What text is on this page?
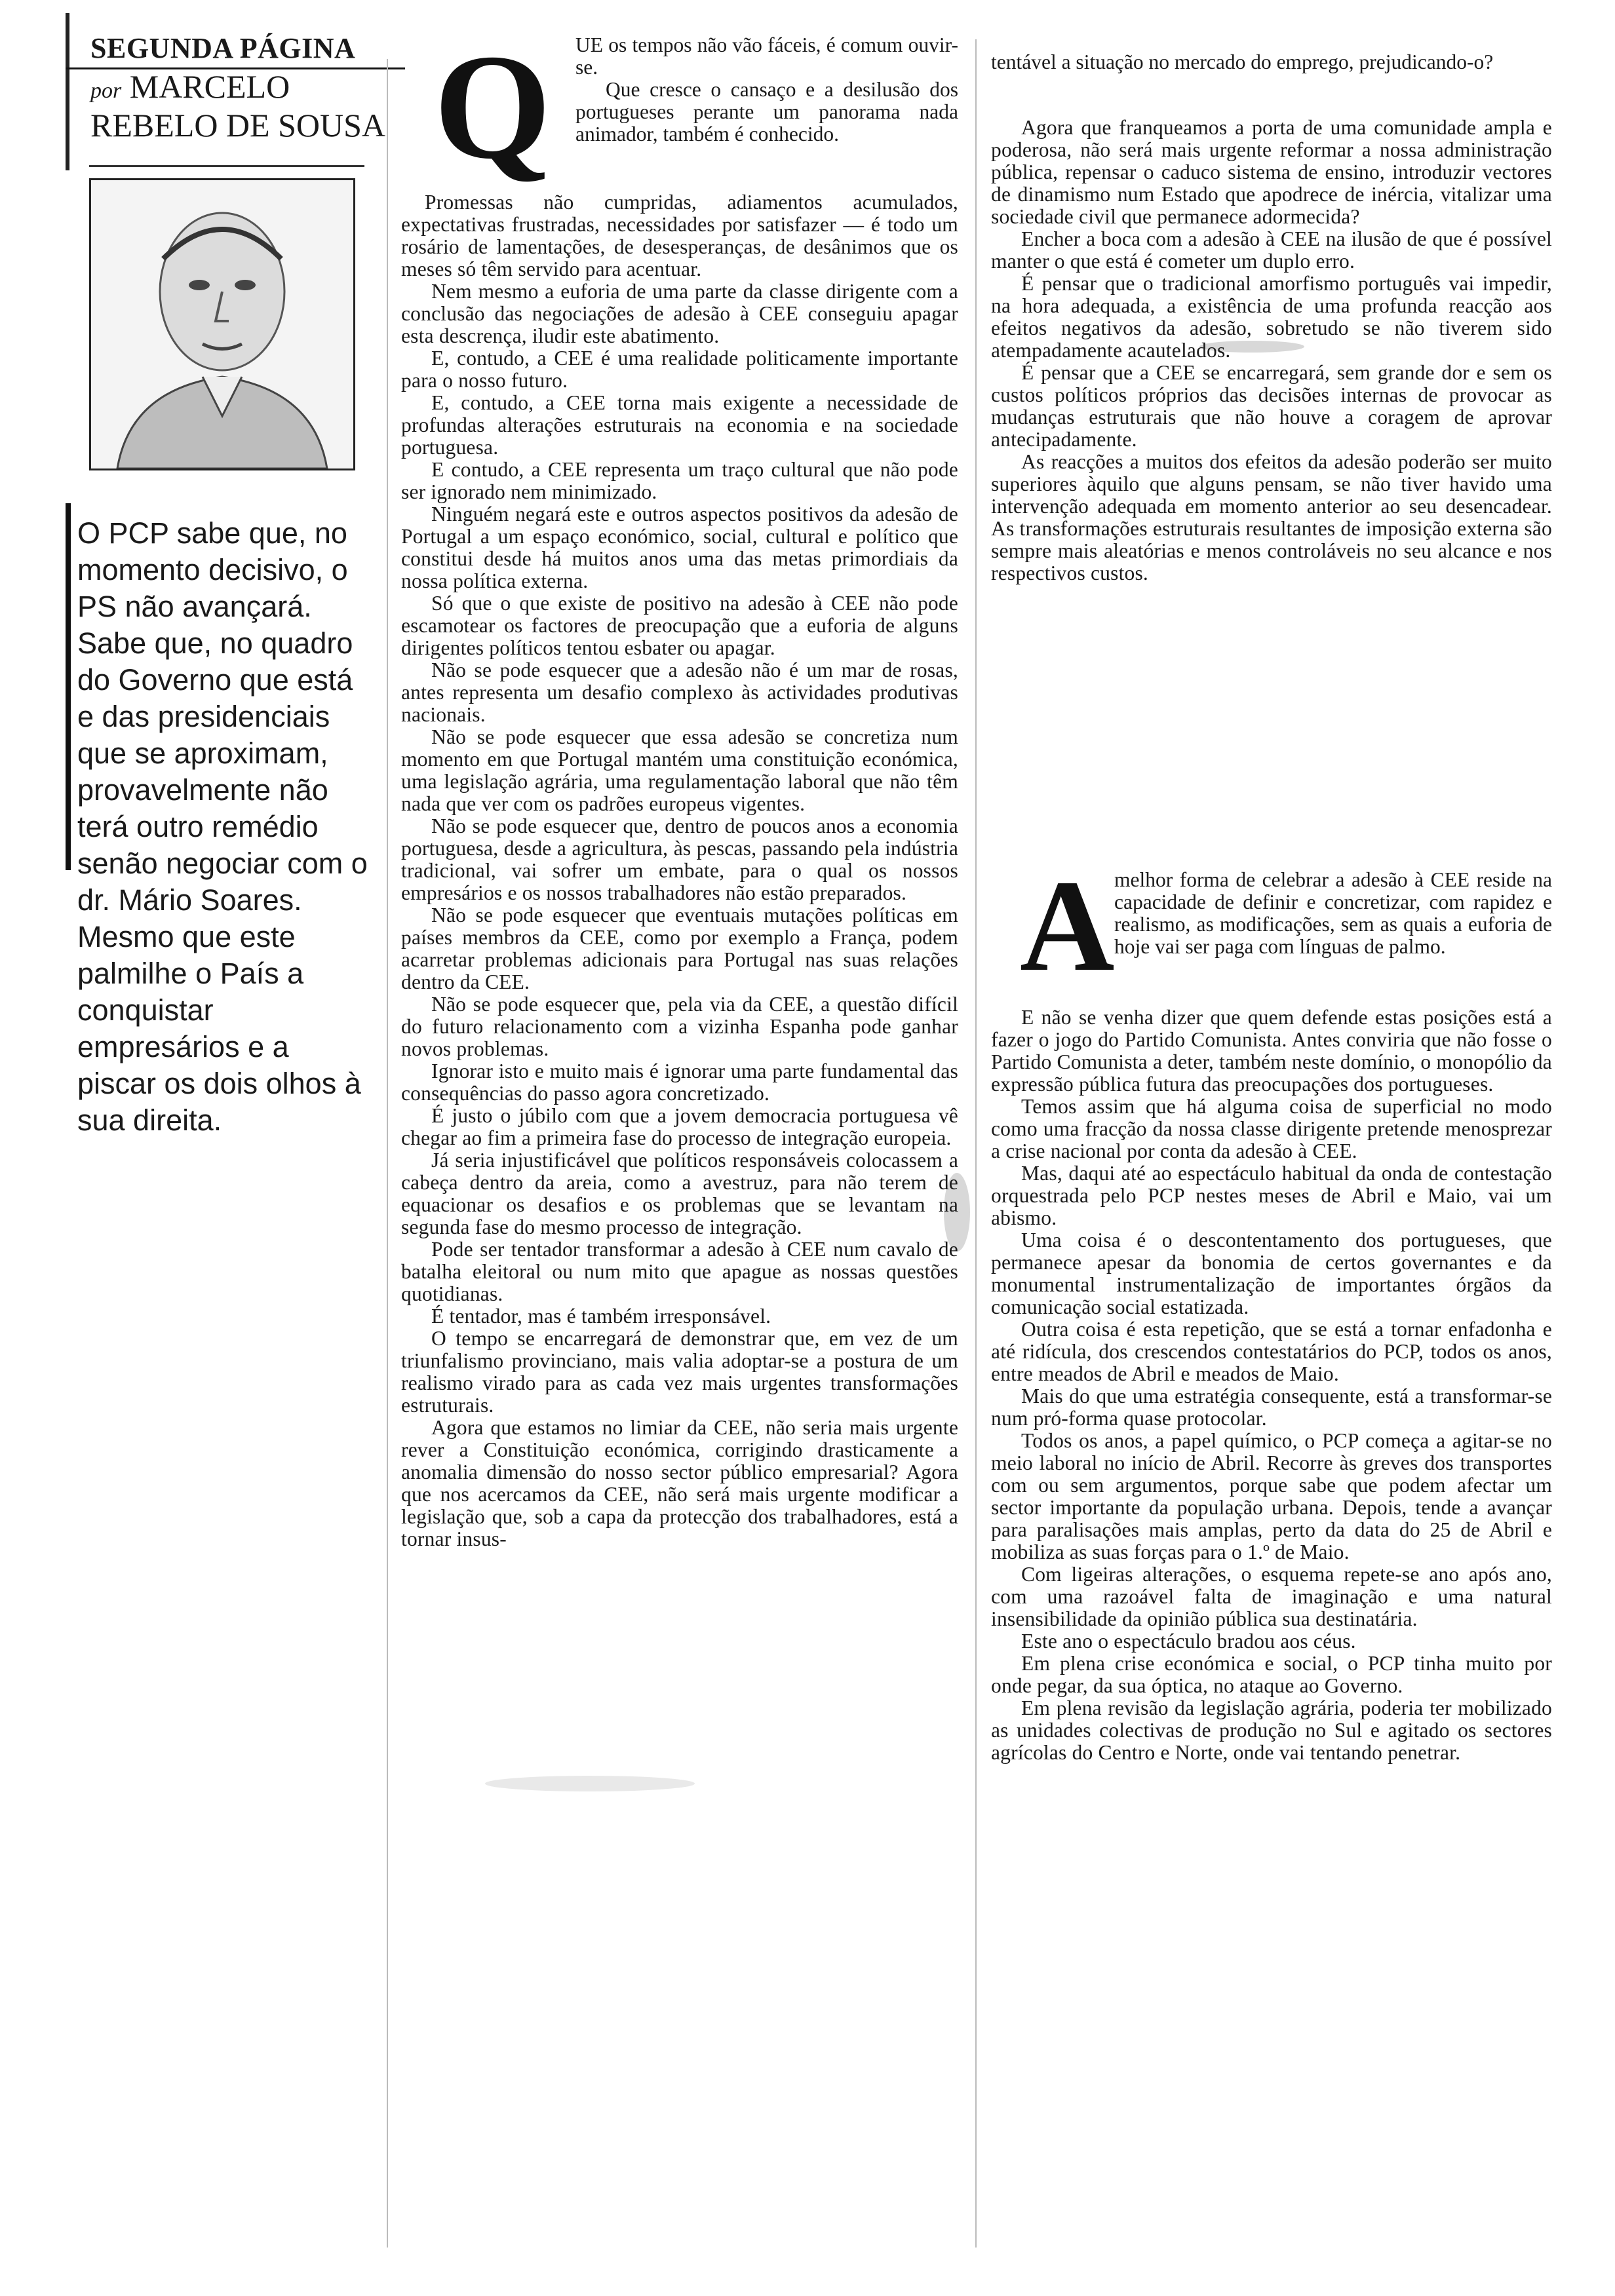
SEGUNDA PÁGINA
por MARCELO
REBELO DE SOUSA
O PCP sabe que, no momento decisivo, o PS não avançará. Sabe que, no quadro do Governo que está e das presidenciais que se aproximam, provavelmente não terá outro remédio senão negociar com o dr. Mário Soares. Mesmo que este palmilhe o País a conquistar empresários e a piscar os dois olhos à sua direita.
Q UE os tempos não vão fáceis, é comum ouvir-se.

Que cresce o cansaço e a desilusão dos portugueses perante um panorama nada animador, também é conhecido.

Promessas não cumpridas, adiamentos acumulados, expectativas frustradas, necessidades por satisfazer — é todo um rosário de lamentações, de desesperanças, de desânimos que os meses só têm servido para acentuar.

Nem mesmo a euforia de uma parte da classe dirigente com a conclusão das negociações de adesão à CEE conseguiu apagar esta descrença, iludir este abatimento.

E, contudo, a CEE é uma realidade politicamente importante para o nosso futuro.

E, contudo, a CEE torna mais exigente a necessidade de profundas alterações estruturais na economia e na sociedade portuguesa.

E contudo, a CEE representa um traço cultural que não pode ser ignorado nem minimizado.

Ninguém negará este e outros aspectos positivos da adesão de Portugal a um espaço económico, social, cultural e político que constitui desde há muitos anos uma das metas primordiais da nossa política externa.

Só que o que existe de positivo na adesão à CEE não pode escamotear os factores de preocupação que a euforia de alguns dirigentes políticos tentou esbater ou apagar.

Não se pode esquecer que a adesão não é um mar de rosas, antes representa um desafio complexo às actividades produtivas nacionais.

Não se pode esquecer que essa adesão se concretiza num momento em que Portugal mantém uma constituição económica, uma legislação agrária, uma regulamentação laboral que não têm nada que ver com os padrões europeus vigentes.

Não se pode esquecer que, dentro de poucos anos a economia portuguesa, desde a agricultura, às pescas, passando pela indústria tradicional, vai sofrer um embate, para o qual os nossos empresários e os nossos trabalhadores não estão preparados.

Não se pode esquecer que eventuais mutações políticas em países membros da CEE, como por exemplo a França, podem acarretar problemas adicionais para Portugal nas suas relações dentro da CEE.

Não se pode esquecer que, pela via da CEE, a questão difícil do futuro relacionamento com a vizinha Espanha pode ganhar novos problemas.

Ignorar isto e muito mais é ignorar uma parte fundamental das consequências do passo agora concretizado.

É justo o júbilo com que a jovem democracia portuguesa vê chegar ao fim a primeira fase do processo de integração europeia.

Já seria injustificável que políticos responsáveis colocassem a cabeça dentro da areia, como a avestruz, para não terem de equacionar os desafios e os problemas que se levantam na segunda fase do mesmo processo de integração.

Pode ser tentador transformar a adesão à CEE num cavalo de batalha eleitoral ou num mito que apague as nossas questões quotidianas.

É tentador, mas é também irresponsável.

O tempo se encarregará de demonstrar que, em vez de um triunfalismo provinciano, mais valia adoptar-se a postura de um realismo virado para as cada vez mais urgentes transformações estruturais.

Agora que estamos no limiar da CEE, não seria mais urgente rever a Constituição económica, corrigindo drasticamente a anomalia dimensão do nosso sector público empresarial? Agora que nos acercamos da CEE, não será mais urgente modificar a legislação que, sob a capa da protecção dos trabalhadores, está a tornar insus-

tentável a situação no mercado do emprego, prejudicando-o?

Agora que franqueamos a porta de uma comunidade ampla e poderosa, não será mais urgente reformar a nossa administração pública, repensar o caduco sistema de ensino, introduzir vectores de dinamismo num Estado que apodrece de inércia, vitalizar uma sociedade civil que permanece adormecida?

Encher a boca com a adesão à CEE na ilusão de que é possível manter o que está é cometer um duplo erro.

É pensar que o tradicional amorfismo português vai impedir, na hora adequada, a existência de uma profunda reacção aos efeitos negativos da adesão, sobretudo se não tiverem sido atempadamente acautelados.

É pensar que a CEE se encarregará, sem grande dor e sem os custos políticos próprios das decisões internas de provocar as mudanças estruturais que não houve a coragem de aprovar antecipadamente.

As reacções a muitos dos efeitos da adesão poderão ser muito superiores àquilo que alguns pensam, se não tiver havido uma intervenção adequada em momento anterior ao seu desencadear. As transformações estruturais resultantes de imposição externa são sempre mais aleatórias e menos controláveis no seu alcance e nos respectivos custos.

A melhor forma de celebrar a adesão à CEE reside na capacidade de definir e concretizar, com rapidez e realismo, as modificações, sem as quais a euforia de hoje vai ser paga com línguas de palmo.

E não se venha dizer que quem defende estas posições está a fazer o jogo do Partido Comunista. Antes conviria que não fosse o Partido Comunista a deter, também neste domínio, o monopólio da expressão pública futura das preocupações dos portugueses.

Temos assim que há alguma coisa de superficial no modo como uma fracção da nossa classe dirigente pretende menosprezar a crise nacional por conta da adesão à CEE.

Mas, daqui até ao espectáculo habitual da onda de contestação orquestrada pelo PCP nestes meses de Abril e Maio, vai um abismo.

Uma coisa é o descontentamento dos portugueses, que permanece apesar da bonomia de certos governantes e da monumental instrumentalização de importantes órgãos da comunicação social estatizada.

Outra coisa é esta repetição, que se está a tornar enfadonha e até ridícula, dos crescendos contestatários do PCP, todos os anos, entre meados de Abril e meados de Maio.

Mais do que uma estratégia consequente, está a transformar-se num pró-forma quase protocolar.

Todos os anos, a papel químico, o PCP começa a agitar-se no meio laboral no início de Abril. Recorre às greves dos transportes com ou sem argumentos, porque sabe que podem afectar um sector importante da população urbana. Depois, tende a avançar para paralisações mais amplas, perto da data do 25 de Abril e mobiliza as suas forças para o 1.º de Maio.

Com ligeiras alterações, o esquema repete-se ano após ano, com uma razoável falta de imaginação e uma natural insensibilidade da opinião pública sua destinatária.

Este ano o espectáculo bradou aos céus.

Em plena crise económica e social, o PCP tinha muito por onde pegar, da sua óptica, no ataque ao Governo.

Em plena revisão da legislação agrária, poderia ter mobilizado as unidades colectivas de produção no Sul e agitado os sectores agrícolas do Centro e Norte, onde vai tentando penetrar.
